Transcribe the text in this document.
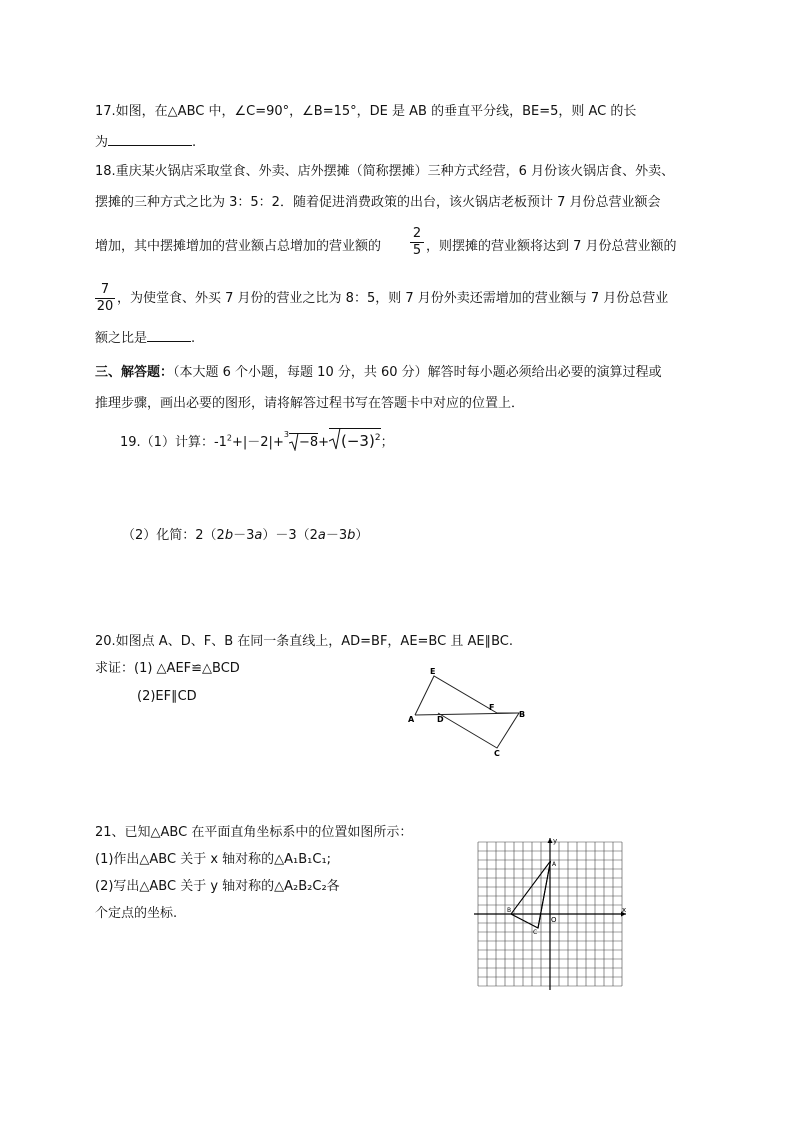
17.如图，在△ABC 中，∠C=90°，∠B=15°，DE 是 AB 的垂直平分线，BE=5，则 AC 的长
为	.
18.重庆某火锅店采取堂食、外卖、店外摆摊（简称摆摊）三种方式经营，6 月份该火锅店食、外卖、
摆摊的三种方式之比为 3：5：2．随着促进消费政策的出台，该火锅店老板预计 7 月份总营业额会
增加，其中摆摊增加的营业额占总增加的营业额的
2
5 ，则摆摊的营业额将达到 7 月份总营业额的
7
20
，为使堂食、外买 7 月份的营业之比为 8：5，则 7 月份外卖还需增加的营业额与 7 月份总营业
额之比是	.
三、解答题：（本大题 6 个小题，每题 10 分，共 60 分）解答时每小题必须给出必要的演算过程或
推理步骤，画出必要的图形，请将解答过程书写在答题卡中对应的位置上．
19.（1）计算：$-1^2+|-2|+^3$
$-8+ (-3)^2$；
（2）化简：2（2b－3a）－3（2a－3b）
20.如图点 A、D、F、B 在同一条直线上，AD=BF，AE=BC 且 AE∥BC.
求证：(1) △AEF≌△BCD
(2)EF∥CD
E
F
B
A	D
C
21、已知△ABC 在平面直角坐标系中的位置如图所示：
(1)作出△ABC 关于 x 轴对称的△A₁B₁C₁;
(2)写出△ABC 关于 y 轴对称的△A₂B₂C₂各
个定点的坐标.	x
y
O
A
B
C
